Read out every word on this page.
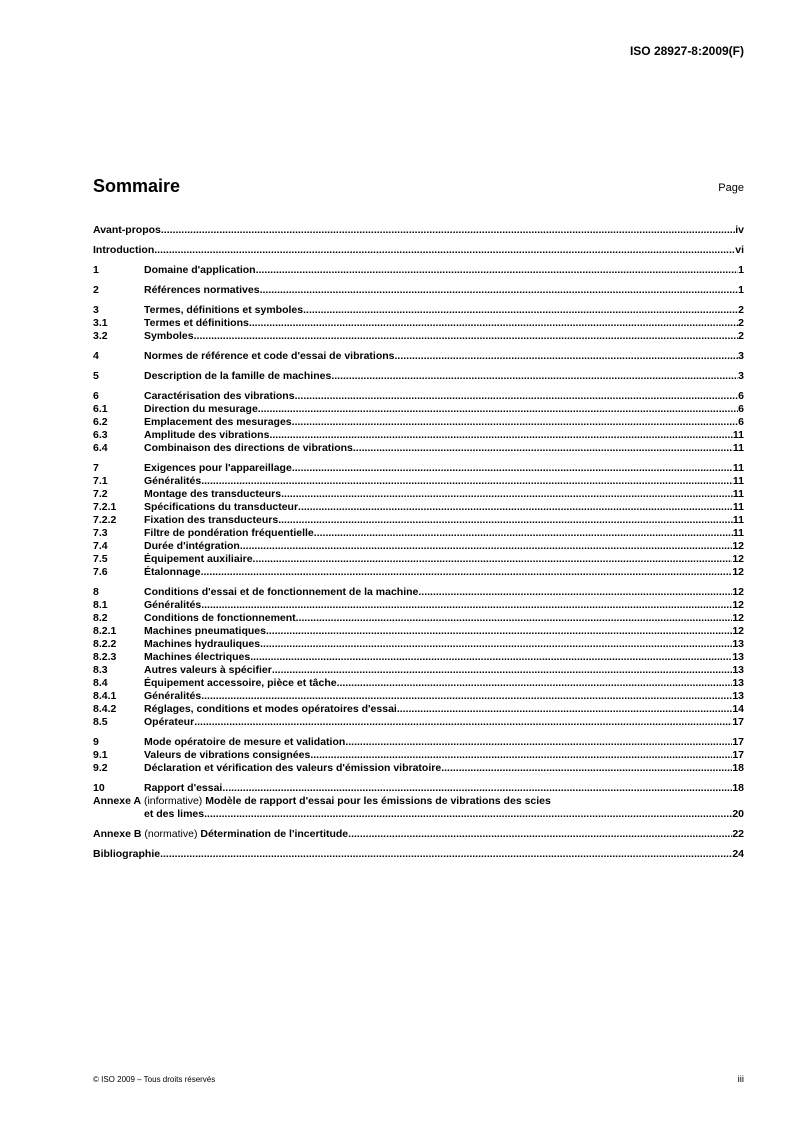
ISO 28927-8:2009(F)
Sommaire	Page
Avant-propos .....	iv
Introduction .....	vi
1	Domaine d'application .....	1
2	Références normatives .....	1
3	Termes, définitions et symboles .....	2
3.1	Termes et définitions .....	2
3.2	Symboles .....	2
4	Normes de référence et code d'essai de vibrations .....	3
5	Description de la famille de machines .....	3
6	Caractérisation des vibrations .....	6
6.1	Direction du mesurage .....	6
6.2	Emplacement des mesurages .....	6
6.3	Amplitude des vibrations .....	11
6.4	Combinaison des directions de vibrations .....	11
7	Exigences pour l'appareillage .....	11
7.1	Généralités .....	11
7.2	Montage des transducteurs .....	11
7.2.1	Spécifications du transducteur .....	11
7.2.2	Fixation des transducteurs .....	11
7.3	Filtre de pondération fréquentielle .....	11
7.4	Durée d'intégration .....	12
7.5	Équipement auxiliaire .....	12
7.6	Étalonnage .....	12
8	Conditions d'essai et de fonctionnement de la machine .....	12
8.1	Généralités .....	12
8.2	Conditions de fonctionnement .....	12
8.2.1	Machines pneumatiques .....	12
8.2.2	Machines hydrauliques .....	13
8.2.3	Machines électriques .....	13
8.3	Autres valeurs à spécifier .....	13
8.4	Équipement accessoire, pièce et tâche .....	13
8.4.1	Généralités .....	13
8.4.2	Réglages, conditions et modes opératoires d'essai .....	14
8.5	Opérateur .....	17
9	Mode opératoire de mesure et validation .....	17
9.1	Valeurs de vibrations consignées .....	17
9.2	Déclaration et vérification des valeurs d'émission vibratoire .....	18
10	Rapport d'essai .....	18
Annexe A (informative) Modèle de rapport d'essai pour les émissions de vibrations des scies
et des limes .....	20
Annexe B (normative) Détermination de l'incertitude .....	22
Bibliographie .....	24
© ISO 2009 – Tous droits réservés	iii
